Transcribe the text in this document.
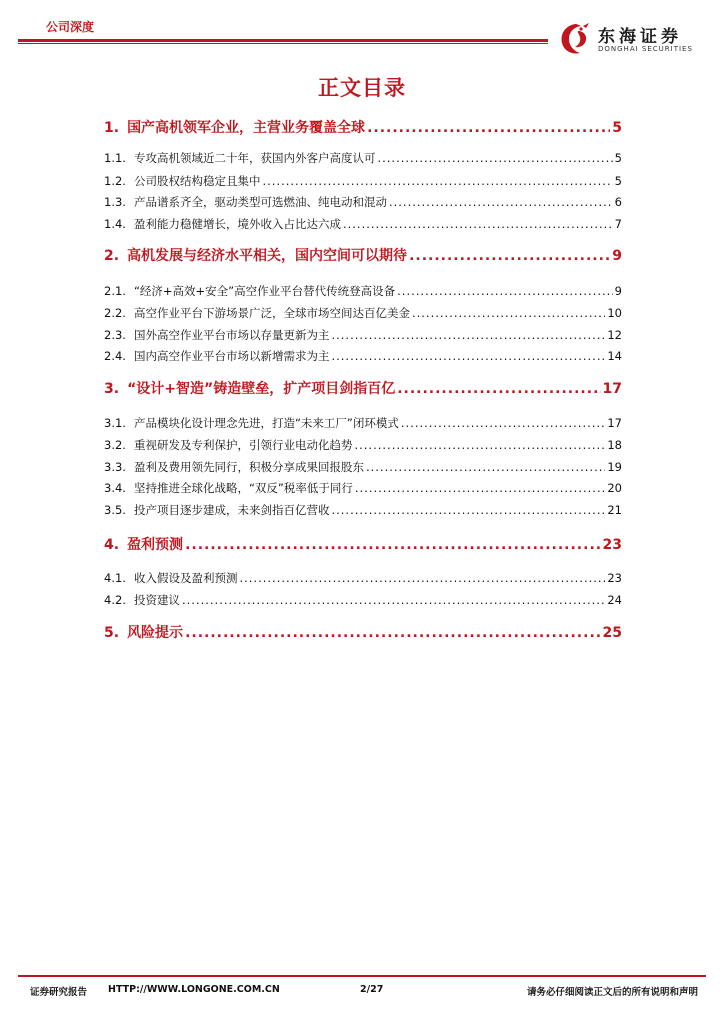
公司深度	东海证券
DONGHAI SECURITIES
正文目录
1. 国产高机领军企业，主营业务覆盖全球 .....	5
1.1. 专攻高机领域近二十年，获国内外客户高度认可 .....	5
1.2. 公司股权结构稳定且集中 .....	5
1.3. 产品谱系齐全，驱动类型可选燃油、纯电动和混动 .....	6
1.4. 盈利能力稳健增长，境外收入占比达六成 .....	7
2. 高机发展与经济水平相关，国内空间可以期待 .....	9
2.1. “经济+高效+安全”高空作业平台替代传统登高设备 .....	9
2.2. 高空作业平台下游场景广泛，全球市场空间达百亿美金 .....	10
2.3. 国外高空作业平台市场以存量更新为主 .....	12
2.4. 国内高空作业平台市场以新增需求为主 .....	14
3. “设计+智造”铸造壁垒，扩产项目剑指百亿 .....	17
3.1. 产品模块化设计理念先进，打造“未来工厂”闭环模式 .....	17
3.2. 重视研发及专利保护，引领行业电动化趋势 .....	18
3.3. 盈利及费用领先同行，积极分享成果回报股东 .....	19
3.4. 坚持推进全球化战略，“双反”税率低于同行 .....	20
3.5. 投产项目逐步建成，未来剑指百亿营收 .....	21
4. 盈利预测 .....	23
4.1. 收入假设及盈利预测 .....	23
4.2. 投资建议 .....	24
5. 风险提示 .....	25
证券研究报告 HTTP://WWW.LONGONE.COM.CN	2/27	请务必仔细阅读正文后的所有说明和声明
